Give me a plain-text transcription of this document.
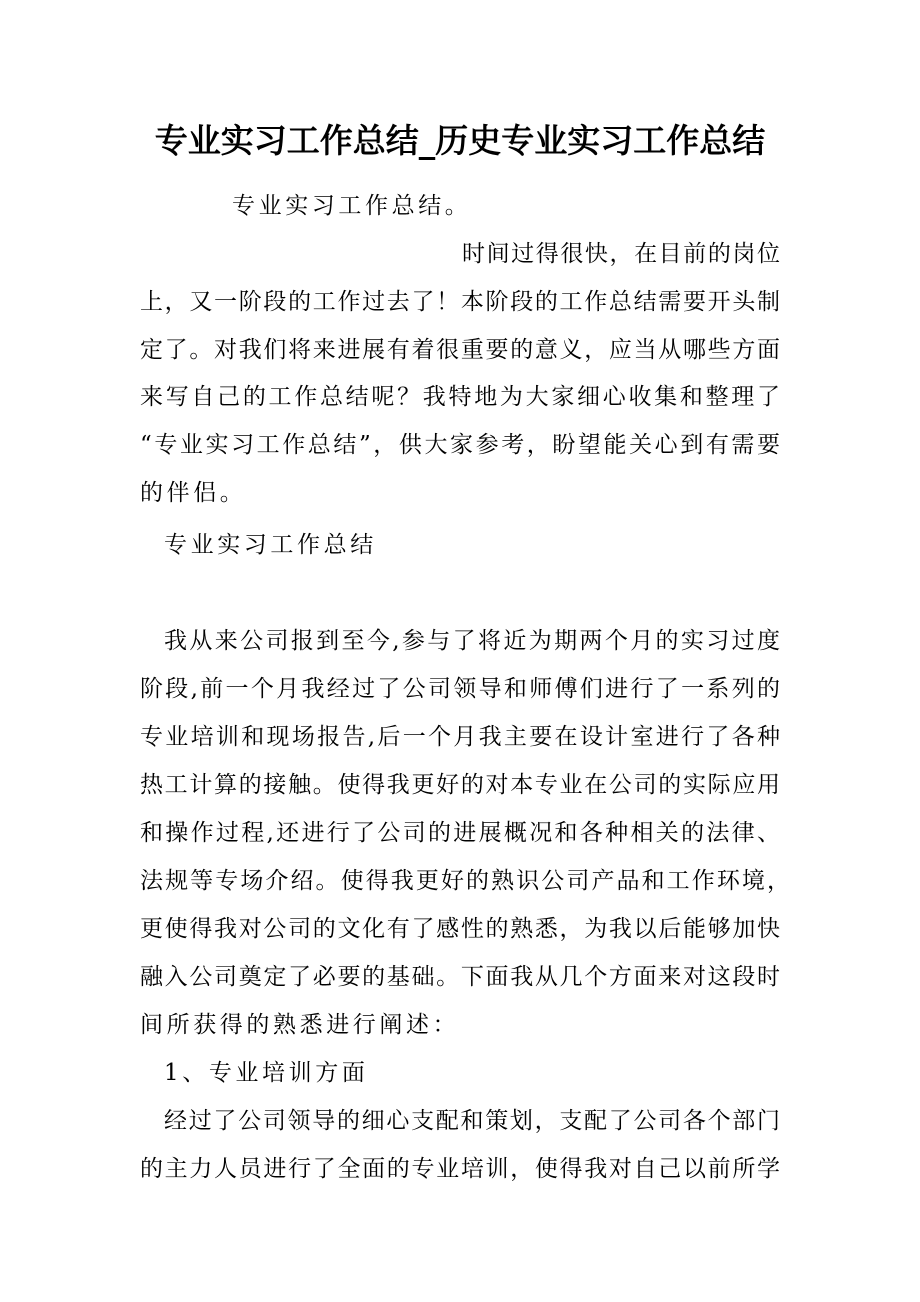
专业实习工作总结_历史专业实习工作总结
专业实习工作总结。
时间过得很快，在目前的岗位
上，又一阶段的工作过去了！本阶段的工作总结需要开头制
定了。对我们将来进展有着很重要的意义，应当从哪些方面
来写自己的工作总结呢？我特地为大家细心收集和整理了
“专业实习工作总结”，供大家参考，盼望能关心到有需要
的伴侣。
专业实习工作总结
我从来公司报到至今,参与了将近为期两个月的实习过度
阶段,前一个月我经过了公司领导和师傅们进行了一系列的
专业培训和现场报告,后一个月我主要在设计室进行了各种
热工计算的接触。使得我更好的对本专业在公司的实际应用
和操作过程,还进行了公司的进展概况和各种相关的法律、
法规等专场介绍。使得我更好的熟识公司产品和工作环境，
更使得我对公司的文化有了感性的熟悉，为我以后能够加快
融入公司奠定了必要的基础。下面我从几个方面来对这段时
间所获得的熟悉进行阐述：
1、专业培训方面
经过了公司领导的细心支配和策划，支配了公司各个部门
的主力人员进行了全面的专业培训，使得我对自己以前所学
